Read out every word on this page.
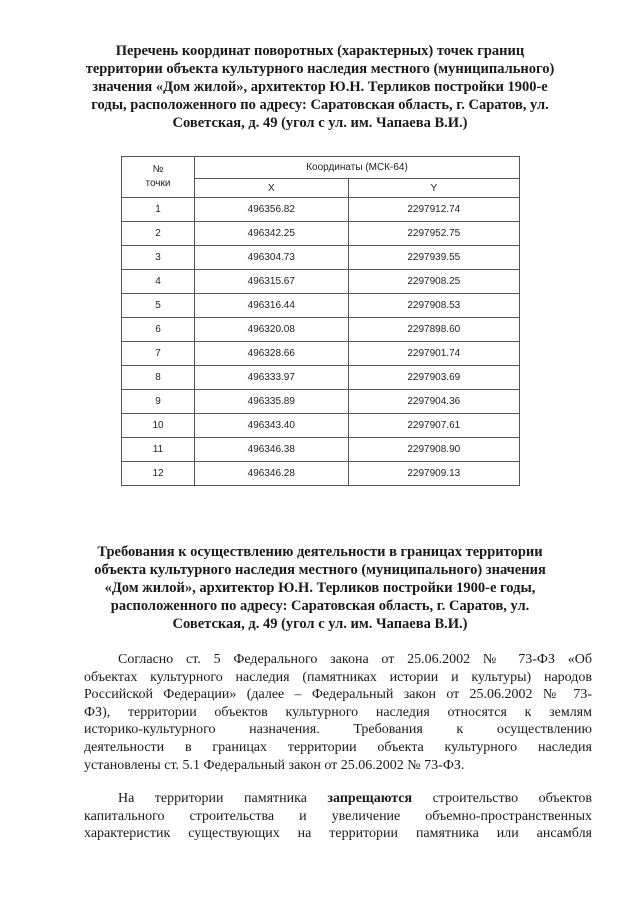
Перечень координат поворотных (характерных) точек границ
территории объекта культурного наследия местного (муниципального)
значения «Дом жилой», архитектор Ю.Н. Терликов постройки 1900-е
годы, расположенного по адресу: Саратовская область, г. Саратов, ул.
Советская, д. 49 (угол с ул. им. Чапаева В.И.)
№
точки	Координаты (МСК-64)	
	X	Y
1	496356.82	2297912.74
2	496342.25	2297952.75
3	496304.73	2297939.55
4	496315.67	2297908.25
5	496316.44	2297908.53
6	496320.08	2297898.60
7	496328.66	2297901.74
8	496333.97	2297903.69
9	496335.89	2297904.36
10	496343.40	2297907.61
11	496346.38	2297908.90
12	496346.28	2297909.13
Требования к осуществлению деятельности в границах территории
объекта культурного наследия местного (муниципального) значения
«Дом жилой», архитектор Ю.Н. Терликов постройки 1900-е годы,
расположенного по адресу: Саратовская область, г. Саратов, ул.
Советская, д. 49 (угол с ул. им. Чапаева В.И.)
Согласно ст. 5 Федерального закона от 25.06.2002 № 73-ФЗ «Об
объектах культурного наследия (памятниках истории и культуры) народов
Российской Федерации» (далее – Федеральный закон от 25.06.2002 № 73-
ФЗ), территории объектов культурного наследия относятся к землям
историко-культурного назначения. Требования к осуществлению
деятельности в границах территории объекта культурного наследия
установлены ст. 5.1 Федеральный закон от 25.06.2002 № 73-ФЗ.
На территории памятника запрещаются строительство объектов
капитального строительства и увеличение объемно-пространственных
характеристик существующих на территории памятника или ансамбля
